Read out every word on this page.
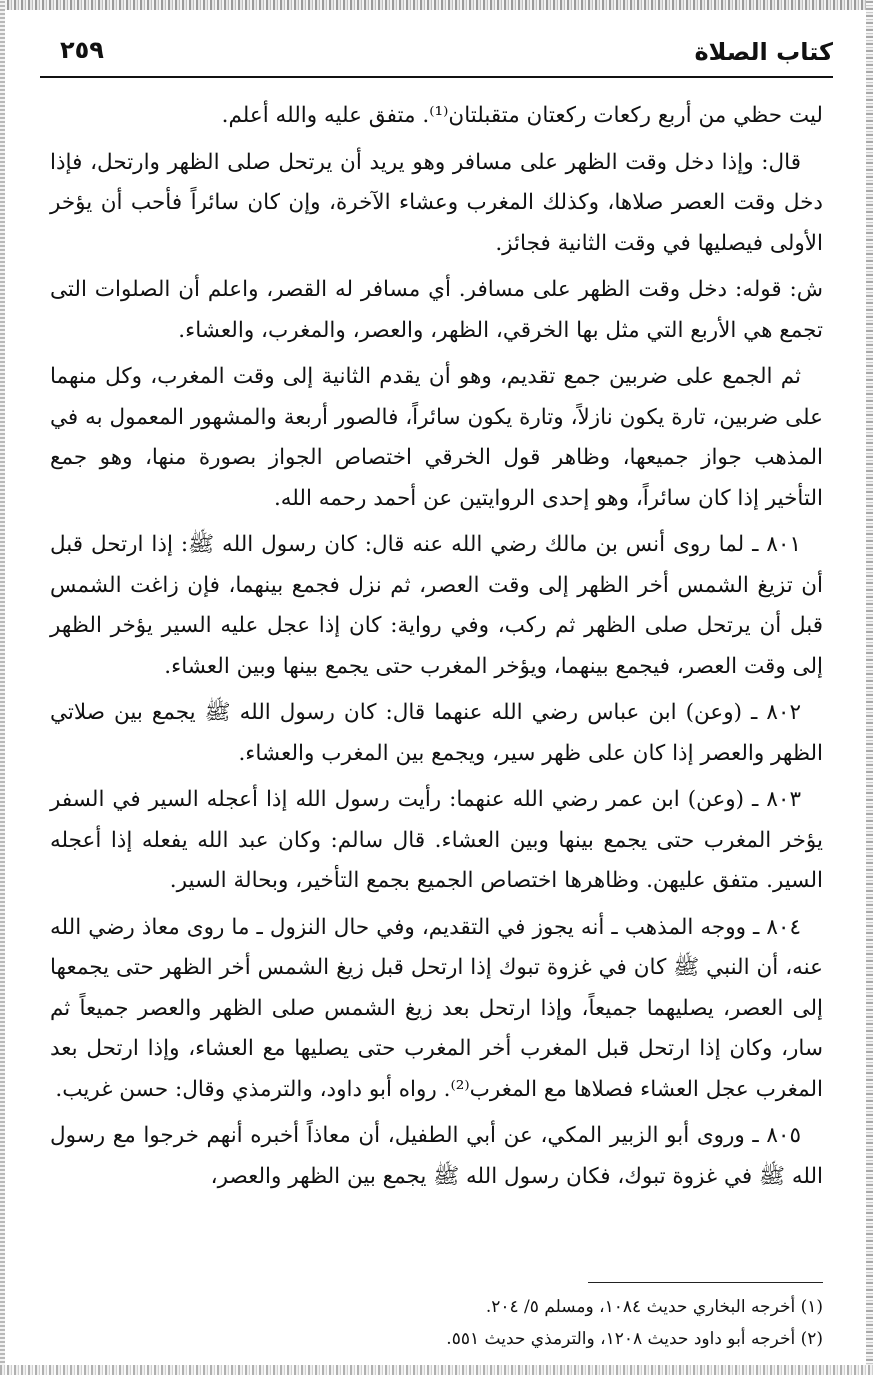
كتاب الصلاة
٢٥٩

ليت حظي من أربع ركعات ركعتان متقبلتان⁽¹⁾. متفق عليه والله أعلم.

قال: وإذا دخل وقت الظهر على مسافر وهو يريد أن يرتحل صلى الظهر وارتحل، فإذا دخل وقت العصر صلاها، وكذلك المغرب وعشاء الآخرة، وإن كان سائراً فأحب أن يؤخر الأولى فيصليها في وقت الثانية فجائز.

ش: قوله: دخل وقت الظهر على مسافر. أي مسافر له القصر، واعلم أن الصلوات التى تجمع هي الأربع التي مثل بها الخرقي، الظهر، والعصر، والمغرب، والعشاء.

ثم الجمع على ضربين جمع تقديم، وهو أن يقدم الثانية إلى وقت المغرب، وكل منهما على ضربين، تارة يكون نازلاً، وتارة يكون سائراً، فالصور أربعة والمشهور المعمول به في المذهب جواز جميعها، وظاهر قول الخرقي اختصاص الجواز بصورة منها، وهو جمع التأخير إذا كان سائراً، وهو إحدى الروايتين عن أحمد رحمه الله.

٨٠١ ـ لما روى أنس بن مالك رضي الله عنه قال: كان رسول الله ﷺ: إذا ارتحل قبل أن تزيغ الشمس أخر الظهر إلى وقت العصر، ثم نزل فجمع بينهما، فإن زاغت الشمس قبل أن يرتحل صلى الظهر ثم ركب، وفي رواية: كان إذا عجل عليه السير يؤخر الظهر إلى وقت العصر، فيجمع بينهما، ويؤخر المغرب حتى يجمع بينها وبين العشاء.

٨٠٢ ـ (وعن) ابن عباس رضي الله عنهما قال: كان رسول الله ﷺ يجمع بين صلاتي الظهر والعصر إذا كان على ظهر سير، ويجمع بين المغرب والعشاء.

٨٠٣ ـ (وعن) ابن عمر رضي الله عنهما: رأيت رسول الله إذا أعجله السير في السفر يؤخر المغرب حتى يجمع بينها وبين العشاء. قال سالم: وكان عبد الله يفعله إذا أعجله السير. متفق عليهن. وظاهرها اختصاص الجميع بجمع التأخير، وبحالة السير.

٨٠٤ ـ ووجه المذهب ـ أنه يجوز في التقديم، وفي حال النزول ـ ما روى معاذ رضي الله عنه، أن النبي ﷺ كان في غزوة تبوك إذا ارتحل قبل زيغ الشمس أخر الظهر حتى يجمعها إلى العصر، يصليهما جميعاً، وإذا ارتحل بعد زيغ الشمس صلى الظهر والعصر جميعاً ثم سار، وكان إذا ارتحل قبل المغرب أخر المغرب حتى يصليها مع العشاء، وإذا ارتحل بعد المغرب عجل العشاء فصلاها مع المغرب⁽²⁾. رواه أبو داود، والترمذي وقال: حسن غريب.

٨٠٥ ـ وروى أبو الزبير المكي، عن أبي الطفيل، أن معاذاً أخبره أنهم خرجوا مع رسول الله ﷺ في غزوة تبوك، فكان رسول الله ﷺ يجمع بين الظهر والعصر،

(١) أخرجه البخاري حديث ١٠٨٤، ومسلم ٥/ ٢٠٤.

(٢) أخرجه أبو داود حديث ١٢٠٨، والترمذي حديث ٥٥١.
